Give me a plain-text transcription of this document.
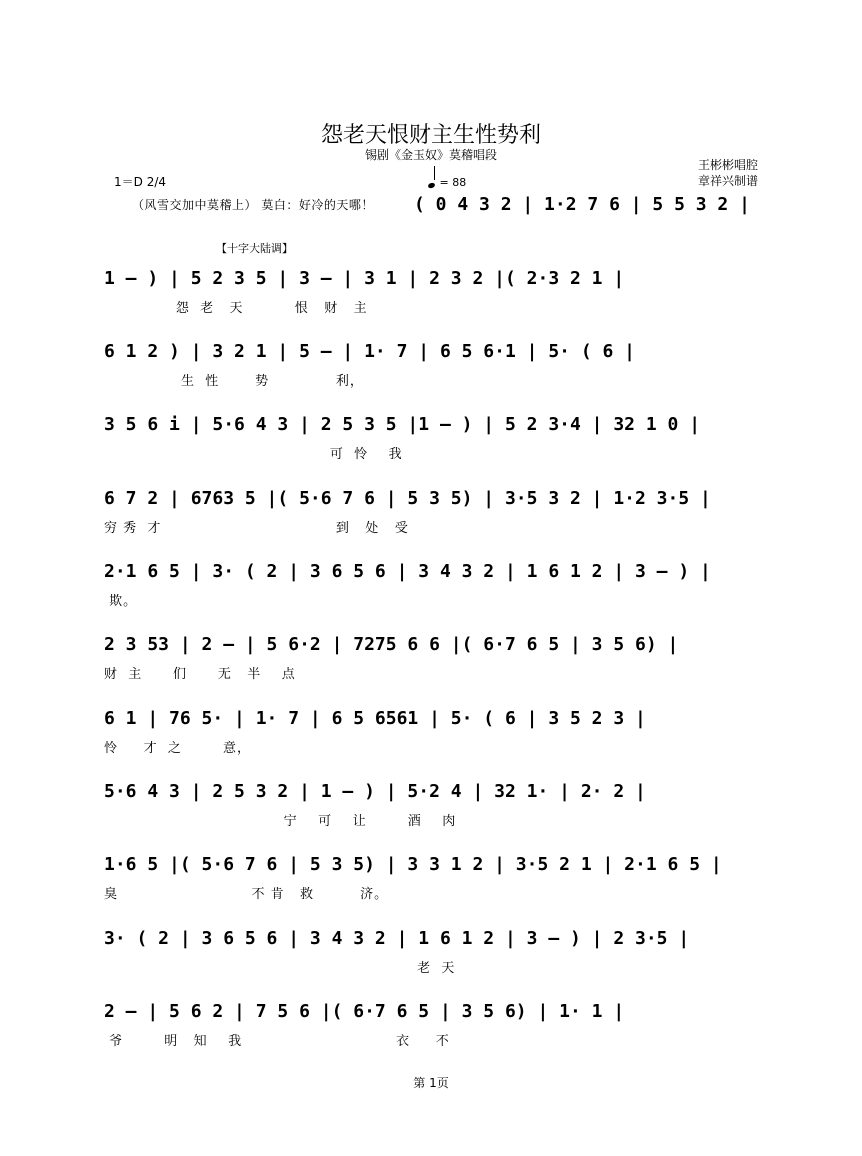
怨老天恨财主生性势利
锡剧《金玉奴》莫稽唱段
王彬彬唱腔
章祥兴制谱
1＝D 2/4	= 88
（风雪交加中莫稽上） 莫白：好冷的天哪！
【十字大陆调】
( 0 4 3 2 | 1·2 7 6 | 5 5 3 2 |
1 – ) | 5 2 3 5 | 3 – | 3 1 | 2 3 2 |( 2·3 2 1 |
怨  老   天          恨   财   主
6 1 2 ) | 3 2 1 | 5 – | 1· 7 | 6 5 6·1 | 5· ( 6 |
生  性       势             利，
3 5 6 i | 5·6 4 3 | 2 5 3 5 |1 – ) | 5 2 3·4 | 32 1 0 |
可  怜    我
6 7 2 | 6763 5 |( 5·6 7 6 | 5 3 5) | 3·5 3 2 | 1·2 3·5 |
穷 秀  才                                  到   处   受
2·1 6 5 | 3· ( 2 | 3 6 5 6 | 3 4 3 2 | 1 6 1 2 | 3 – ) |
欺。
2 3 53 | 2 – | 5 6·2 | 7275 6 6 |( 6·7 6 5 | 3 5 6) |
财  主      们      无   半    点
6 1 | 76 5· | 1· 7 | 6 5 6561 | 5· ( 6 | 3 5 2 3 |
怜     才  之        意，
5·6 4 3 | 2 5 3 2 | 1 – ) | 5·2 4 | 32 1· | 2· 2 |
宁    可    让        酒    肉
1·6 5 |( 5·6 7 6 | 5 3 5) | 3 3 1 2 | 3·5 2 1 | 2·1 6 5 |
臭                          不 肯   救         济。
3· ( 2 | 3 6 5 6 | 3 4 3 2 | 1 6 1 2 | 3 – ) | 2 3·5 |
老  天
2 – | 5 6 2 | 7 5 6 |( 6·7 6 5 | 3 5 6) | 1· 1 |
爷        明   知    我                              衣     不
第 1页
